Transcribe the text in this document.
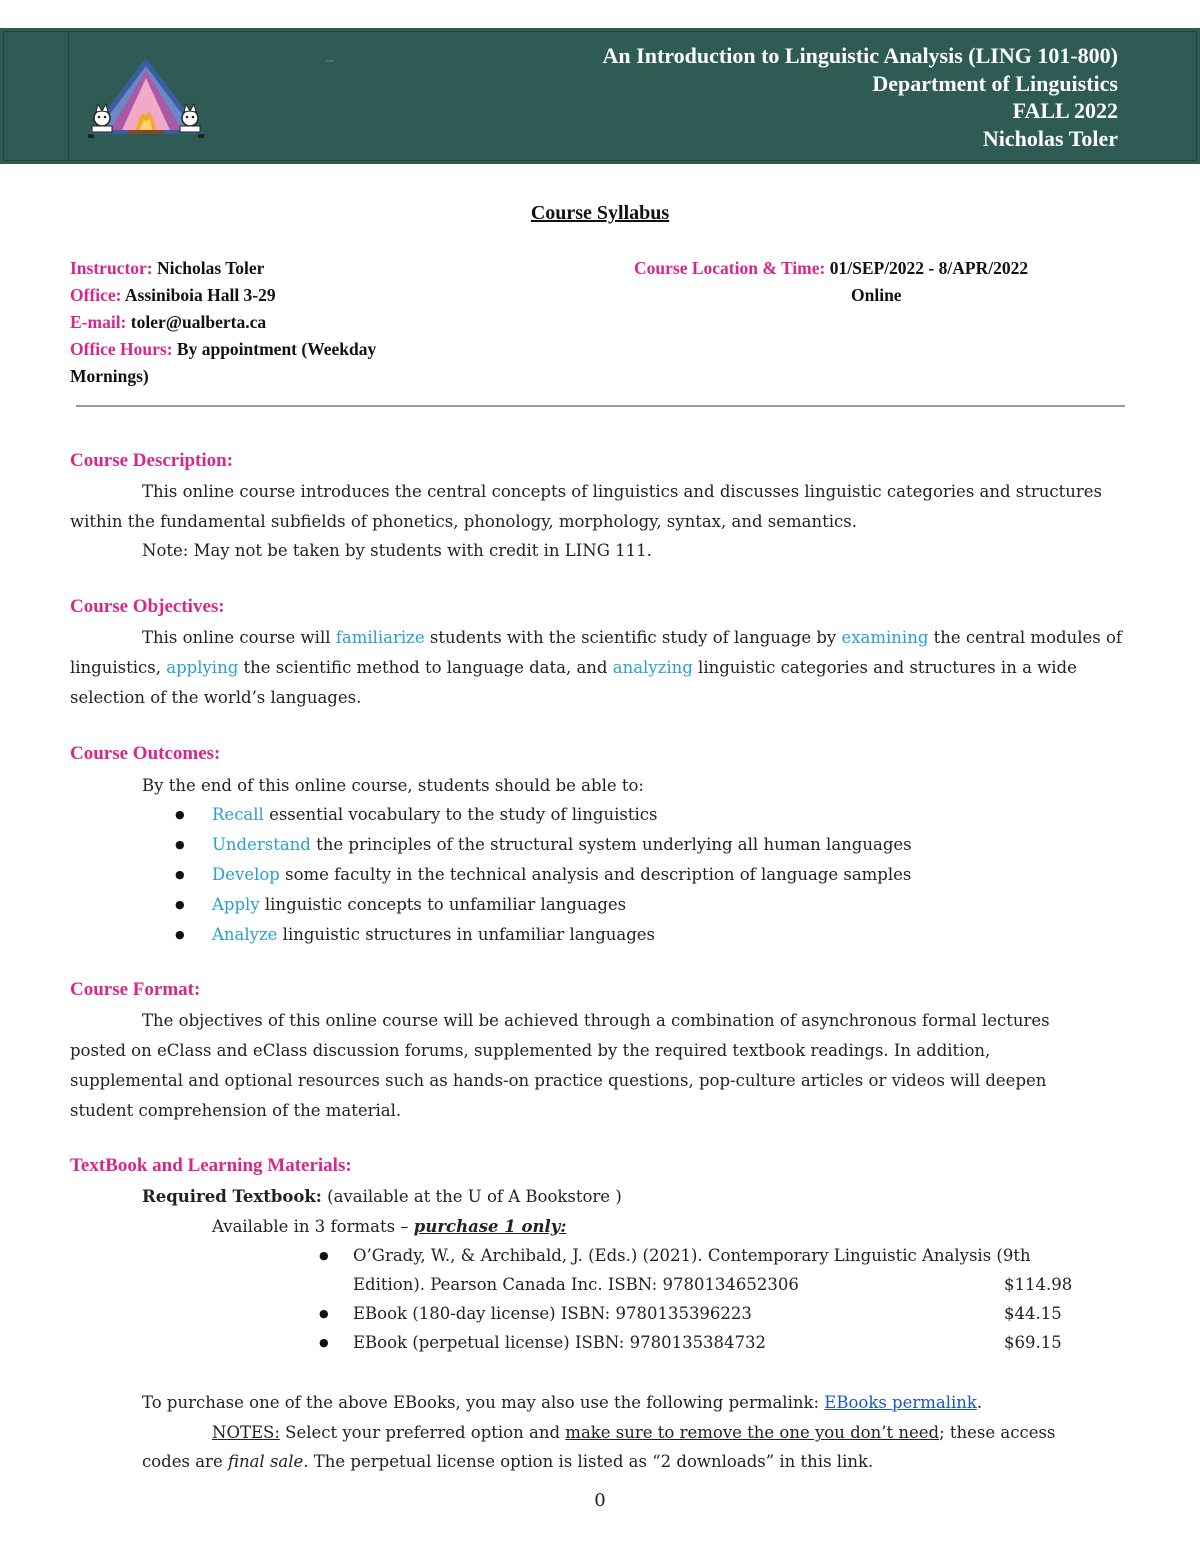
An Introduction to Linguistic Analysis (LING 101-800)
Department of Linguistics
FALL 2022
Nicholas Toler
Course Syllabus
Instructor: Nicholas Toler
Office: Assiniboia Hall 3-29
E-mail: toler@ualberta.ca
Office Hours: By appointment (Weekday
Mornings)
Course Location & Time: 01/SEP/2022 - 8/APR/2022
Online
Course Description:
This online course introduces the central concepts of linguistics and discusses linguistic categories and structures within the fundamental subfields of phonetics, phonology, morphology, syntax, and semantics.
Note: May not be taken by students with credit in LING 111.
Course Objectives:
This online course will familiarize students with the scientific study of language by examining the central modules of linguistics, applying the scientific method to language data, and analyzing linguistic categories and structures in a wide selection of the world’s languages.
Course Outcomes:
By the end of this online course, students should be able to:
● Recall essential vocabulary to the study of linguistics
● Understand the principles of the structural system underlying all human languages
● Develop some faculty in the technical analysis and description of language samples
● Apply linguistic concepts to unfamiliar languages
● Analyze linguistic structures in unfamiliar languages
Course Format:
The objectives of this online course will be achieved through a combination of asynchronous formal lectures posted on eClass and eClass discussion forums, supplemented by the required textbook readings. In addition, supplemental and optional resources such as hands-on practice questions, pop-culture articles or videos will deepen student comprehension of the material.
TextBook and Learning Materials:
Required Textbook: (available at the U of A Bookstore )
Available in 3 formats – purchase 1 only:
● O’Grady, W., & Archibald, J. (Eds.) (2021). Contemporary Linguistic Analysis (9th
Edition). Pearson Canada Inc. ISBN: 9780134652306	$114.98
● EBook (180-day license) ISBN: 9780135396223	$44.15
● EBook (perpetual license) ISBN: 9780135384732	$69.15
To purchase one of the above EBooks, you may also use the following permalink: EBooks permalink.
NOTES: Select your preferred option and make sure to remove the one you don’t need; these access
codes are final sale. The perpetual license option is listed as “2 downloads” in this link.
0
